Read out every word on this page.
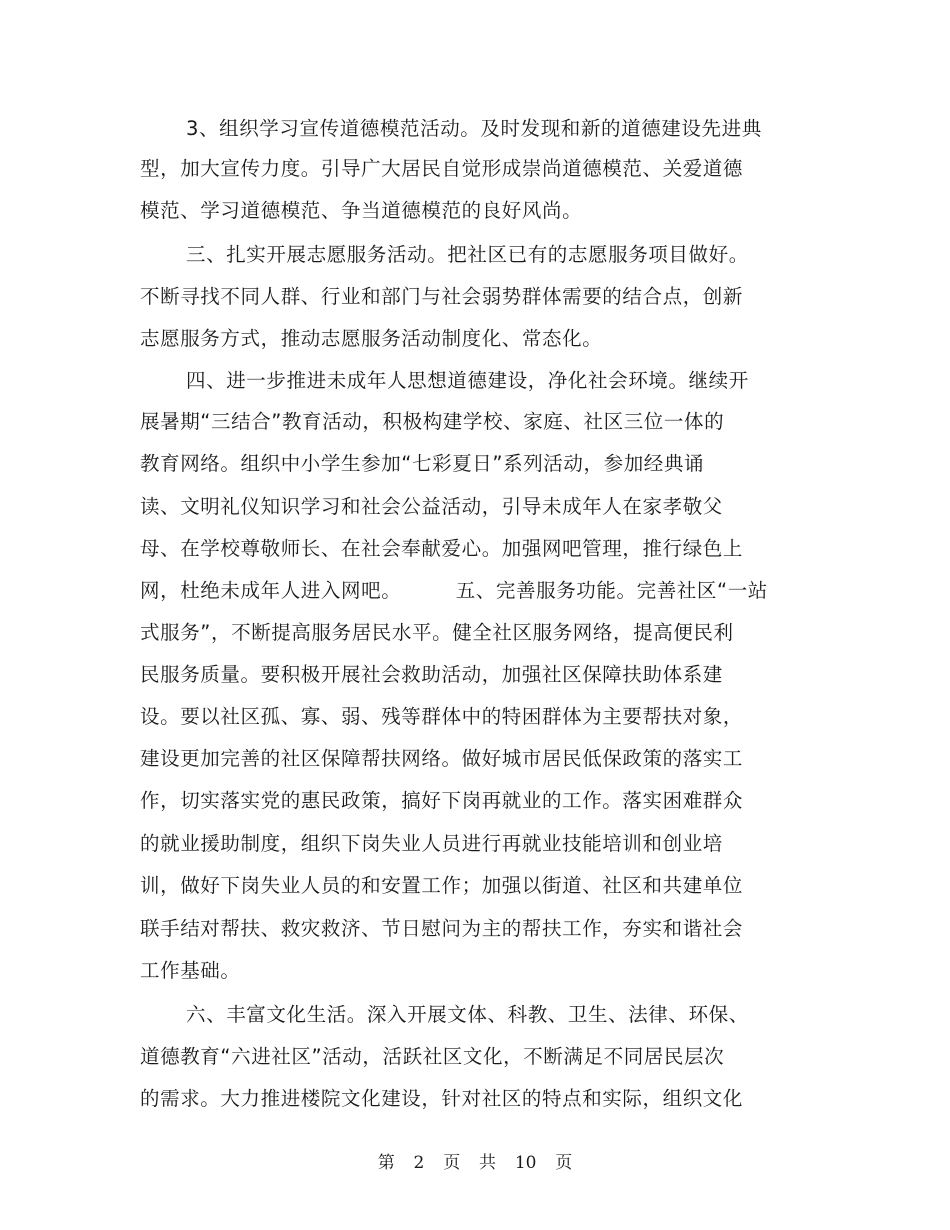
3、组织学习宣传道德模范活动。及时发现和新的道德建设先进典
型，加大宣传力度。引导广大居民自觉形成崇尚道德模范、关爱道德
模范、学习道德模范、争当道德模范的良好风尚。
三、扎实开展志愿服务活动。把社区已有的志愿服务项目做好。
不断寻找不同人群、行业和部门与社会弱势群体需要的结合点，创新
志愿服务方式，推动志愿服务活动制度化、常态化。
四、进一步推进未成年人思想道德建设，净化社会环境。继续开
展暑期“三结合”教育活动，积极构建学校、家庭、社区三位一体的
教育网络。组织中小学生参加“七彩夏日”系列活动，参加经典诵
读、文明礼仪知识学习和社会公益活动，引导未成年人在家孝敬父
母、在学校尊敬师长、在社会奉献爱心。加强网吧管理，推行绿色上
网，杜绝未成年人进入网吧。        五、完善服务功能。完善社区“一站
式服务”，不断提高服务居民水平。健全社区服务网络，提高便民利
民服务质量。要积极开展社会救助活动，加强社区保障扶助体系建
设。要以社区孤、寡、弱、残等群体中的特困群体为主要帮扶对象，
建设更加完善的社区保障帮扶网络。做好城市居民低保政策的落实工
作，切实落实党的惠民政策，搞好下岗再就业的工作。落实困难群众
的就业援助制度，组织下岗失业人员进行再就业技能培训和创业培
训，做好下岗失业人员的和安置工作；加强以街道、社区和共建单位
联手结对帮扶、救灾救济、节日慰问为主的帮扶工作，夯实和谐社会
工作基础。
六、丰富文化生活。深入开展文体、科教、卫生、法律、环保、
道德教育“六进社区”活动，活跃社区文化，不断满足不同居民层次
的需求。大力推进楼院文化建设，针对社区的特点和实际，组织文化
第 2 页 共 10 页
